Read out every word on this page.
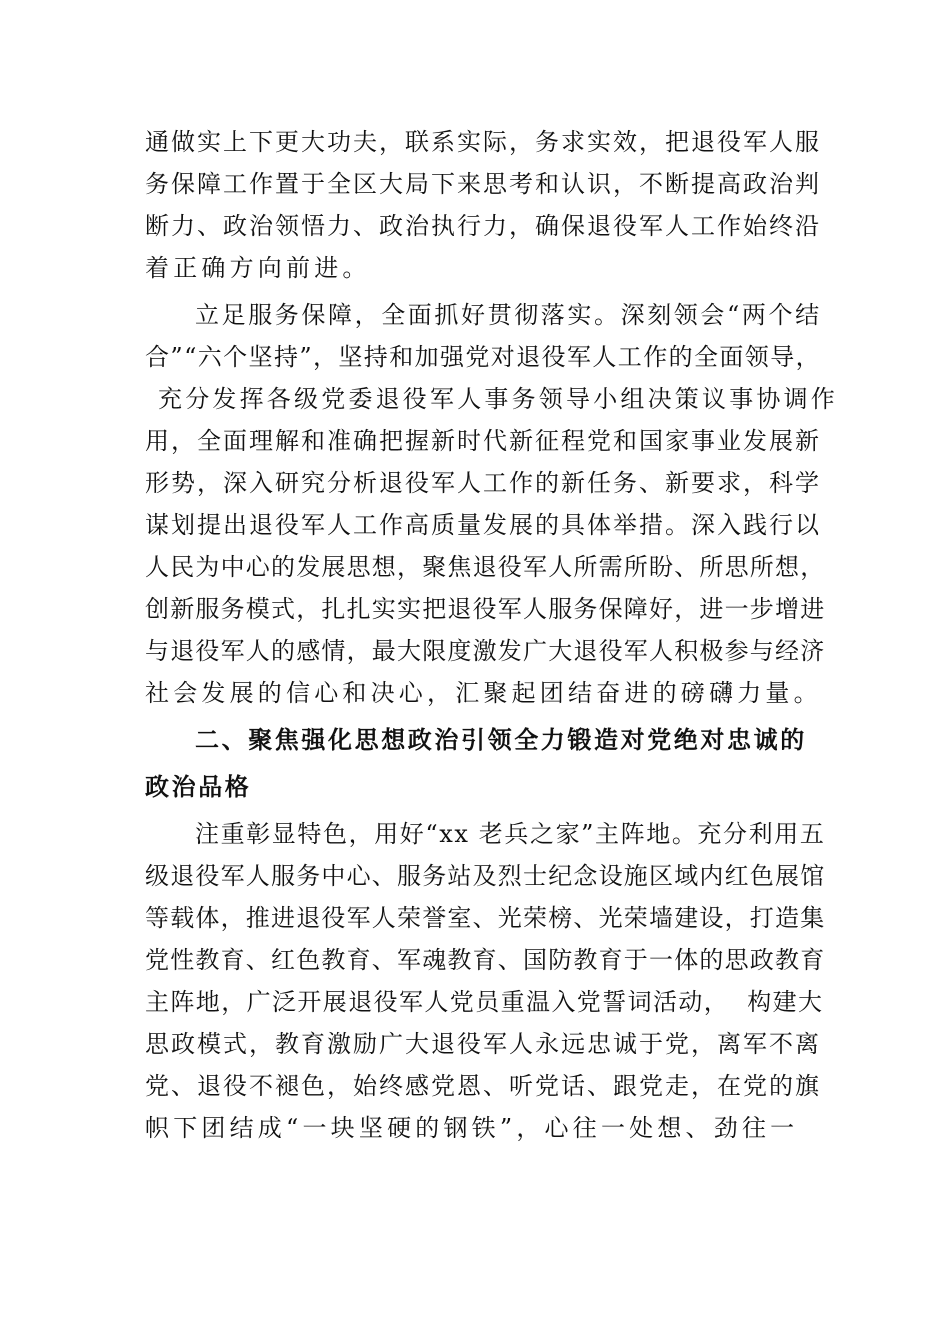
通做实上下更大功夫，联系实际，务求实效，把退役军人服
务保障工作置于全区大局下来思考和认识，不断提高政治判
断力、政治领悟力、政治执行力，确保退役军人工作始终沿
着正确方向前进。
立足服务保障，全面抓好贯彻落实。深刻领会“两个结
合”“六个坚持”，坚持和加强党对退役军人工作的全面领导，
充分发挥各级党委退役军人事务领导小组决策议事协调作
用，全面理解和准确把握新时代新征程党和国家事业发展新
形势，深入研究分析退役军人工作的新任务、新要求，科学
谋划提出退役军人工作高质量发展的具体举措。深入践行以
人民为中心的发展思想，聚焦退役军人所需所盼、所思所想，
创新服务模式，扎扎实实把退役军人服务保障好，进一步增进
与退役军人的感情，最大限度激发广大退役军人积极参与经济
社会发展的信心和决心，汇聚起团结奋进的磅礴力量。
二、聚焦强化思想政治引领全力锻造对党绝对忠诚的
政治品格
注重彰显特色，用好“xx 老兵之家”主阵地。充分利用五
级退役军人服务中心、服务站及烈士纪念设施区域内红色展馆
等载体，推进退役军人荣誉室、光荣榜、光荣墙建设，打造集
党性教育、红色教育、军魂教育、国防教育于一体的思政教育
主阵地，广泛开展退役军人党员重温入党誓词活动，  构建大
思政模式，教育激励广大退役军人永远忠诚于党，离军不离
党、退役不褪色，始终感党恩、听党话、跟党走，在党的旗
帜下团结成“一块坚硬的钢铁”，心往一处想、劲往一
